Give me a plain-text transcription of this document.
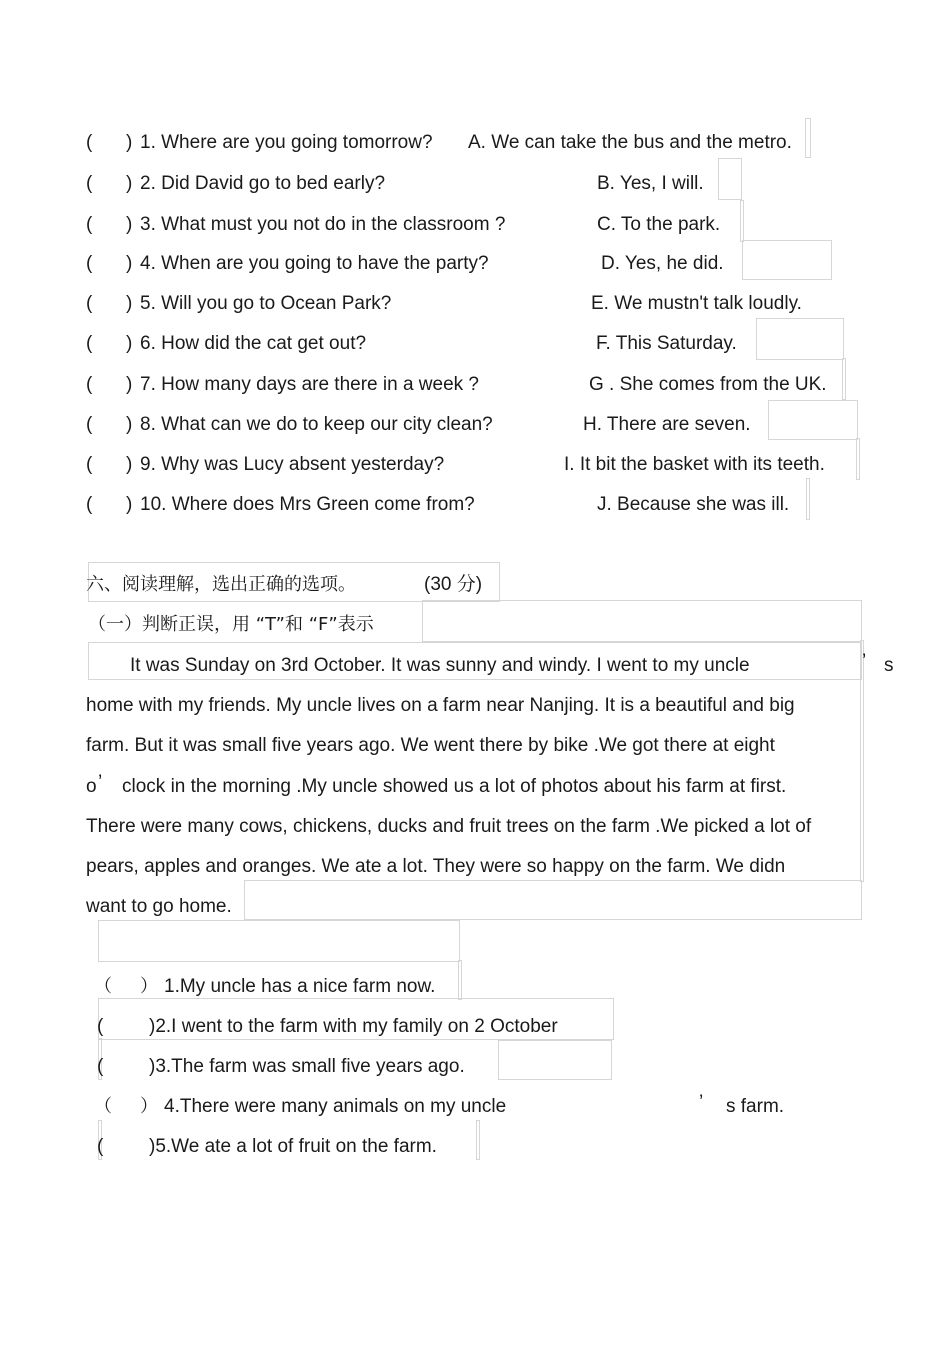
( ) 1. Where are you going tomorrow? A. We can take the bus and the metro.
( ) 2. Did David go to bed early?	B. Yes, I will.
( ) 3. What must you not do in the classroom ?	C. To the park.
( ) 4. When are you going to have the party?	D. Yes, he did.
( ) 5. Will you go to Ocean Park?	E. We mustn't talk loudly.
( ) 6. How did the cat get out?	F. This Saturday.
( ) 7. How many days are there in a week ?	G . She comes from the UK.
( ) 8. What can we do to keep our city clean?	H. There are seven.
( ) 9. Why was Lucy absent yesterday?	I. It bit the basket with its teeth.
( ) 10. Where does Mrs Green come from?	J. Because she was ill.
六、阅读理解，选出正确的选项。	(30 分)
（一）判断正误，用 “T”和 “F”表示
It was Sunday on 3rd October. It was sunny and windy. I went to my uncle	’ s
home with my friends. My uncle lives on a farm near Nanjing. It is a beautiful and big
farm. But it was small five years ago. We went there by bike .We got there at eight
o ’ clock in the morning .My uncle showed us a lot of photos about his farm at first.
There were many cows, chickens, ducks and fruit trees on the farm .We picked a lot of
pears, apples and oranges. We ate a lot. They were so happy on the farm. We didn
want to go home.
（ ） 1.My uncle has a nice farm now.
( )2.I went to the farm with my family on 2 October
( )3.The farm was small five years ago.
（ ） 4.There were many animals on my uncle	’ s farm.
( )5.We ate a lot of fruit on the farm.
